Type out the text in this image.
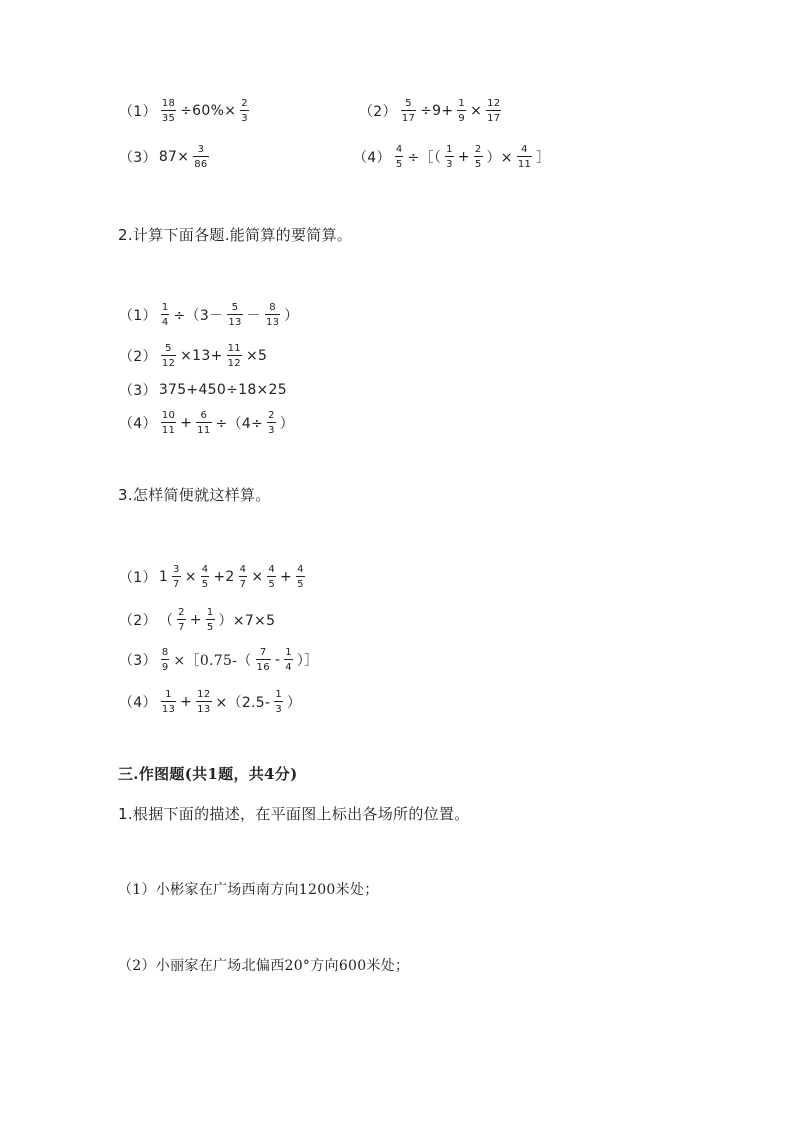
$(1) \frac{18}{35} \div 60\%\times \frac{2}{3}$	$(2) \frac{5}{17} \div 9+ \frac{1}{9} \times \frac{12}{17}$
（3） $87\times \frac{3}{86}$	$(4) \frac{4}{5}$ ÷［（ $\frac{1}{3} + \frac{2}{5}$ ）× $\frac{4}{11}$ ］
2.计算下面各题.能简算的要简算。
$(1) \frac{1}{4} \div(3- \frac{5}{13} - \frac{8}{13}$ ）
$(2) \frac{5}{12} \times 13+ \frac{11}{12} \times 5$
（3） 375+450÷18×25
$(4) \frac{10}{11} + \frac{6}{11} \div(4\div \frac{2}{3}$ ）
3.怎样简便就这样算。
（1） $1 \frac{3}{7} \times \frac{4}{5} +2 \frac{4}{7} \times \frac{4}{5} + \frac{4}{5}$
（2） （ $\frac{2}{7} + \frac{1}{5} )\times 7\times 5$
$(3) \frac{8}{9}$ ×［0.75-（ $\frac{7}{16} - \frac{1}{4}$ ）］
$(4) \frac{1}{13} + \frac{12}{13} \times(2.5- \frac{1}{3}$ ）
三.作图题(共1题，共4分)
1.根据下面的描述，在平面图上标出各场所的位置。
（1）小彬家在广场西南方向1200米处；
（2）小丽家在广场北偏西20°方向600米处；
